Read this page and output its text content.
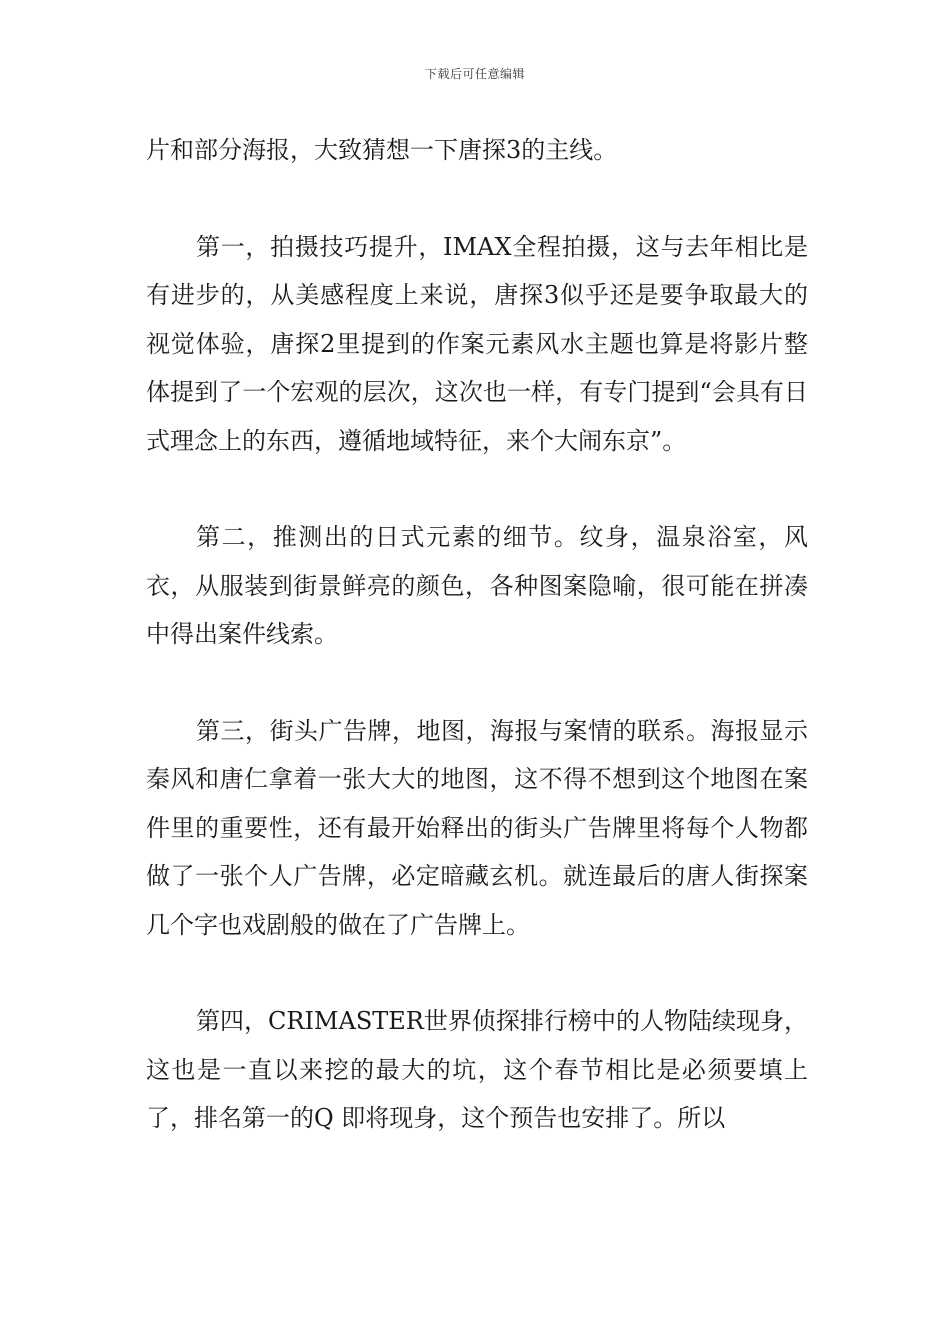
下载后可任意编辑

片和部分海报，大致猜想一下唐探3的主线。

第一，拍摄技巧提升，IMAX全程拍摄，这与去年相比是有进步的，从美感程度上来说，唐探3似乎还是要争取最大的视觉体验，唐探2里提到的作案元素风水主题也算是将影片整体提到了一个宏观的层次，这次也一样，有专门提到“会具有日式理念上的东西，遵循地域特征，来个大闹东京”。

第二，推测出的日式元素的细节。纹身，温泉浴室，风衣，从服装到街景鲜亮的颜色，各种图案隐喻，很可能在拼凑中得出案件线索。

第三，街头广告牌，地图，海报与案情的联系。海报显示秦风和唐仁拿着一张大大的地图，这不得不想到这个地图在案件里的重要性，还有最开始释出的街头广告牌里将每个人物都做了一张个人广告牌，必定暗藏玄机。就连最后的唐人街探案几个字也戏剧般的做在了广告牌上。

第四，CRIMASTER世界侦探排行榜中的人物陆续现身，这也是一直以来挖的最大的坑，这个春节相比是必须要填上了，排名第一的Q 即将现身，这个预告也安排了。所以
